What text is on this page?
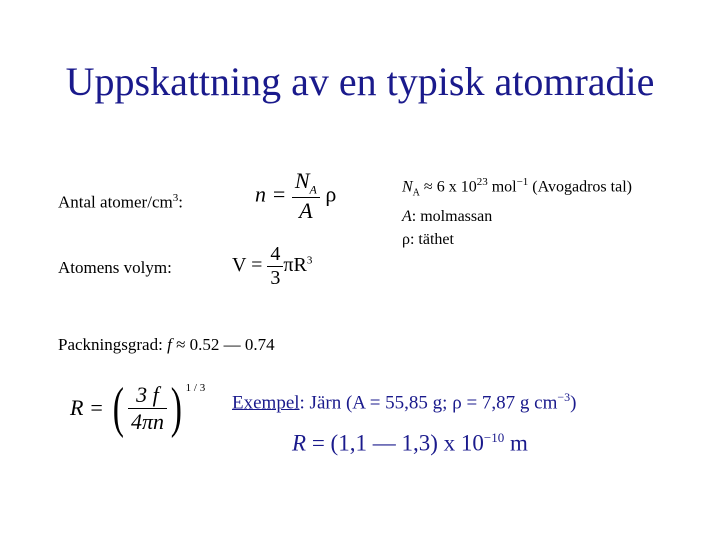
Uppskattning av en typisk atomradie
Antal atomer/$cm^3$:	$n = \frac{N_A}{A}$ ρ	$N_A \approx 6$ x $10^{23}$ mol$^{-1}$ (Avogadros tal)
A: molmassan
ρ: täthet
Atomens volym:	$V = \frac{4}{3} \pi R^3$
Packningsgrad: f ≈ 0.52 — 0.74
R = ( $\frac{3 f}{4\pi n}$ ) $^{1 / 3}$
Exempel: Järn (A = 55,85 g; ρ = 7,87 g $cm^{-3}$)
R = (1,1 — 1,3) x $10^{-10}$ m
